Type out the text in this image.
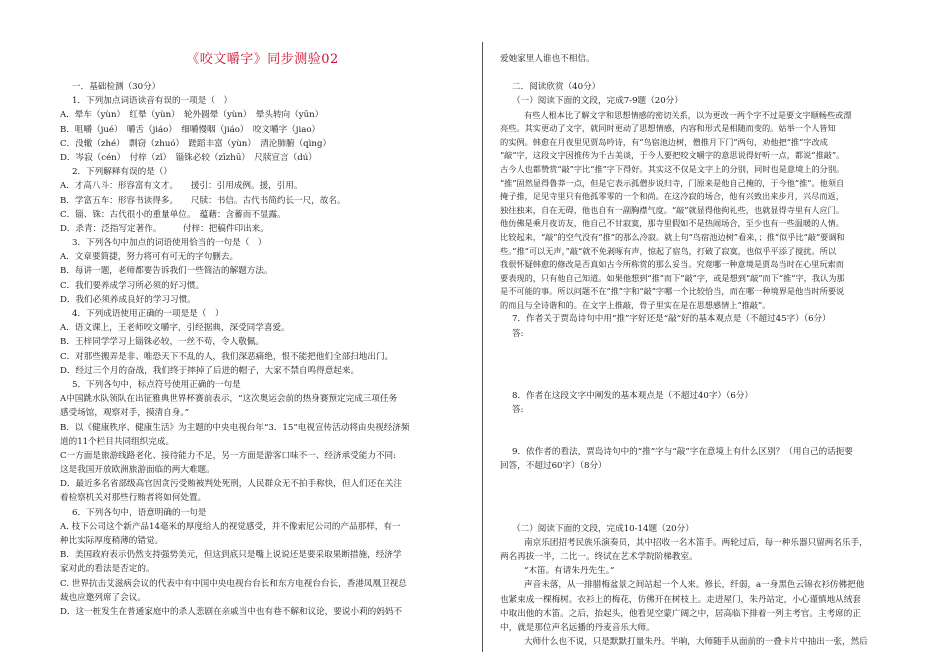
《咬文嚼字》同步测验02

一．基础检测（30分）

1．下列加点词语读音有误的一项是（　）

A．晕车（yùn）　红晕（yùn）　轮外圆晕（yùn）　晕头转向（yūn）

B．咀嚼（jué）　嚼舌（jiáo）　细嚼慢咽（jiáo）　咬文嚼字（jiao）

C．没辙（zhé）　剽窃（zhuó）　蹉蹈丰富（yùn）　清沦肺腑（qìng）

D．岑寂（cén）　付梓（zǐ）　锱铢必较（zīzhū）　尺牍宣言（dú）

2．下列解释有误的是（）

A．才高八斗：形容富有文才。　　援引：引用成例。援，引用。

B．学富五车：形容书读得多。　　尺牍：书信。古代书简约长一尺，故名。

C．锱、铢：古代很小的重量单位。　蕴藉：含蓄而不显露。

D．杀青：泛指写定著作。　　　付梓：把稿件印出来。

3．下列各句中加点的词语使用恰当的一句是（　）

A．文章要简捷，努力将可有可无的字句删去。

B．每讲一题，老师都要告诉我们一些简洁的解题方法。

C．我们要养成学习所必须的好习惯。

D．我们必须养成良好的学习习惯。

4．下列成语使用正确的一项是是（　）

A．语文课上，王老师咬文嚼字，引经据典，深受同学喜爱。

B．王梓同学学习上锱铢必较，一丝不苟，令人敬佩。

C．对那些搬弄是非、唯恐天下不乱的人，我们深恶痛绝，恨不能把他们全部扫地出门。

D．经过三个月的奋战，我们终于摔掉了后进的帽子，大家不禁自鸣得意起来。

5．下列各句中，标点符号使用正确的一句是

A中国跳水队领队在出征雅典世界杯赛前表示，“这次奥运会前的热身赛预定完成三项任务

感受场馆，观察对手，摸清自身。”

B．以《健康秩序、健康生活》为主题的中央电视台年“3．15”电视宣传活动将由央视经济频

道的11个栏目共同组织完成。

C一方面是旅游线路老化、接待能力不足，另一方面是游客口味不一、经济承受能力不同:

这是我国开放欧洲旅游面临的两大难题。

D．最近多名省部级高官因贪污受贿被判处死刑，人民群众无不拍手称快，但人们还在关注

着检察机关对那些行贿者将如何处置。

6．下列各句中，语意明确的一句是

A. 枝下公司这个新产品14毫米的厚度给人的视觉感受，并不像索尼公司的产品那样，有一

种比实际厚度稍薄的错觉。

B．美国政府表示仍然支持强势美元，但这到底只是嘴上说说还是要采取果断措施，经济学

家对此的看法是否定的。

C. 世界抗击艾滋病会议的代表中有中国中央电视台台长和东方电视台台长，香港凤凰卫视总

裁也应邀列席了会议。

D．这一桩发生在普通家庭中的杀人悲剧在亲戚当中也有巷不解和议论，要说小莉的妈妈不

爱她家里人谁也不相信。

二．阅读欣赏（40分）

（一）阅读下面的文段，完成7-9题（20分）

有些人根本比了解文字和思想情感的密切关系，以为更改一两个字不过是要文字顺畅些或漂

亮些。其实更动了文字，就同时更动了思想情感，内容和形式是相随而变的。姑举一个人皆知

的实例。韩愈在月夜里见贾岛吟诗，有“鸟宿池边树，僧推月下门”两句，劝他把“推”字改成

“敲”字，这段文字因推传为千古美谈，于今人要把咬文嚼字的意思说得好听一点，都说“推敲”。

古今人也都赞赏“敲”字比“推”字下得好。其实这不仅是文字上的分别，同时也是意境上的分别。

“推”固然显得鲁莽一点，但是它表示孤僧步说归寺，门原来是他自己掩的，于今他“推”。他须自

掩子推，足见寺里只有他孤零零的一个和尚。在这冷寂的场合，他有兴致出来步月，兴尽而返，

独往独来，自在无碍，他也自有一副胸襟气度。“敲”就显得他拘礼些，也就显得寺里有人应门。

他仿佛是乘月夜访友，他自己不甘寂寞，那寺里假如不是热闹场合，至少也有一些温暖的人情。

比较起来，“敲”的空气没有“推”的那么冷寂。就上句“鸟宿池边树”看来，；推“似乎比”敲“要调和

些。”推“可以无声，”敲“就不免剥啄有声，惊起了宿鸟，打破了寂寞，也似乎平添了搅扰。所以

我很怀疑韩愈的修改是否真如古今所称赏的那么妥当。究竟哪一种意境是贾岛当时在心里玩索而

要表现的，只有他自己知道。如果他想到“推”而下“敲”字，或是想到“敲”而下“推”字，我认为那

是不可能的事。所以问题不在“推”字和“敲”字哪一个比较恰当，而在哪一种境界是他当时所要说

的而且与全诗谐和的。在文字上推敲，骨子里实在是在思想感情上“推敲”。

7．作者关于贾岛诗句中用“推”字好还是“敲”好的基本观点是（不超过45字）（6分）

答:

8．作者在这段文字中阐发的基本观点是（不超过40字）（6分）

答:

9．依作者的看法，贾岛诗句中的“推”字与“敲”字在意境上有什么区别？（用自己的话扼要

回答，不超过60字）（8分）

（二）阅读下面的文段，完成10-14题（20分）

南京乐团招考民族乐演奏员，其中招收一名木笛手。两轮过后，每一种乐器只留两名乐手，

两名再拔一半，二比一。终试在艺术学院阶梯教室。

“木笛。有请朱丹先生。”

声音未落，从一排腊梅盆景之间站起一个人来。修长，纤弱，a一身黑色云锦衣衫仿佛把他

也紧束成一棵梅树。衣衫上的梅花，仿佛开在树枝上。走进屋门，朱丹站定，小心谨慎地从绒套

中取出他的木笛。之后，抬起头，他看见空蒙广阔之中，居高临下排着一列主考官。主考席的正

中，就是那位声名远播的丹麦音乐大师。

大师什么也不说，只是默默打量朱丹。半晌，大师随手从面前的一叠卡片中抽出一张，然后
